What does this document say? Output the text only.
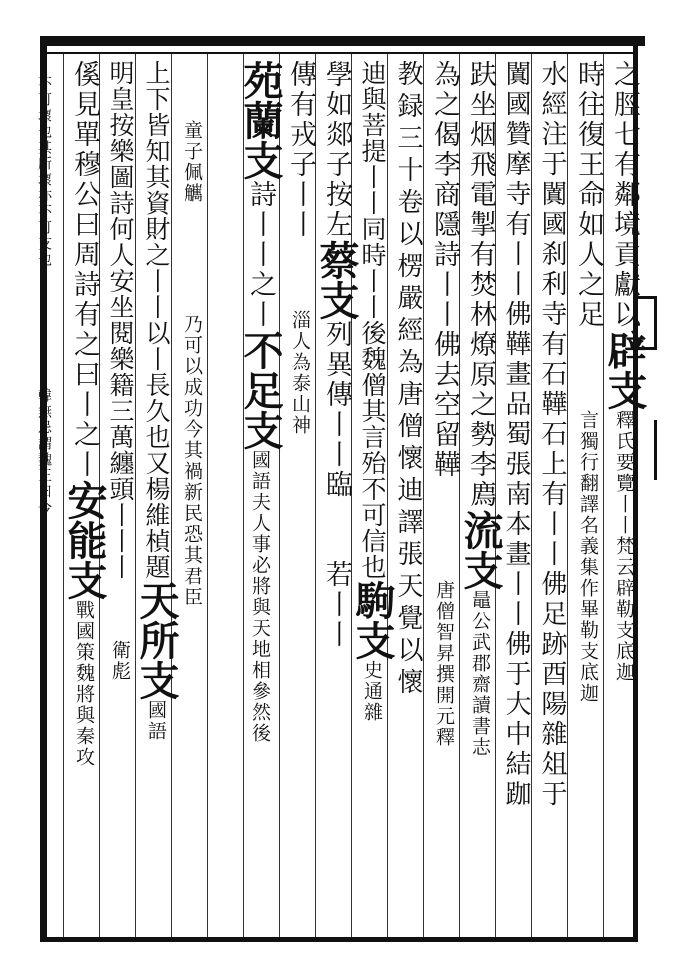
之脛七有鄰境貢獻以辟支釋氏要覽丨丨梵云辟勒支底迦
時往復王命如人之足言獨行翻譯名義集作畢勒支底迦
水經注于闐國刹利寺有石鞾石上有丨丨佛足跡酉陽雜俎于
闐國贊摩寺有丨丨佛鞾畫品蜀張南本畫丨丨佛于大中結跏
趺坐烟飛電掣有焚林燎原之勢李廌流支鼂公武郡齋讀書志
為之偈李商隱詩丨丨佛去空留鞾唐僧智昇撰開元釋
教録三十卷以楞嚴經為唐僧懷迪譯張天覺以懷
迪與菩提丨丨同時丨丨後魏僧其言殆不可信也駒支史通雜
學如郯子按左蔡支列異傳丨丨臨若丨丨
傳有戎子丨丨淄人為泰山神
苑蘭支詩丨丨之丨不足支國語夫人事必將與天地相參然後
童子佩觽乃可以成功今其禍新民恐其君臣
上下皆知其資財之丨丨以丨長久也又楊維楨題天所支國語
明皇按樂圖詩何人安坐閱樂籍三萬纏頭丨丨丨衛彪
傒見單穆公曰周詩有之曰丨之丨安能支戰國策魏將與秦攻
丨不可壞也其所壞亦不可支也韓無忌謂魏王曰今
